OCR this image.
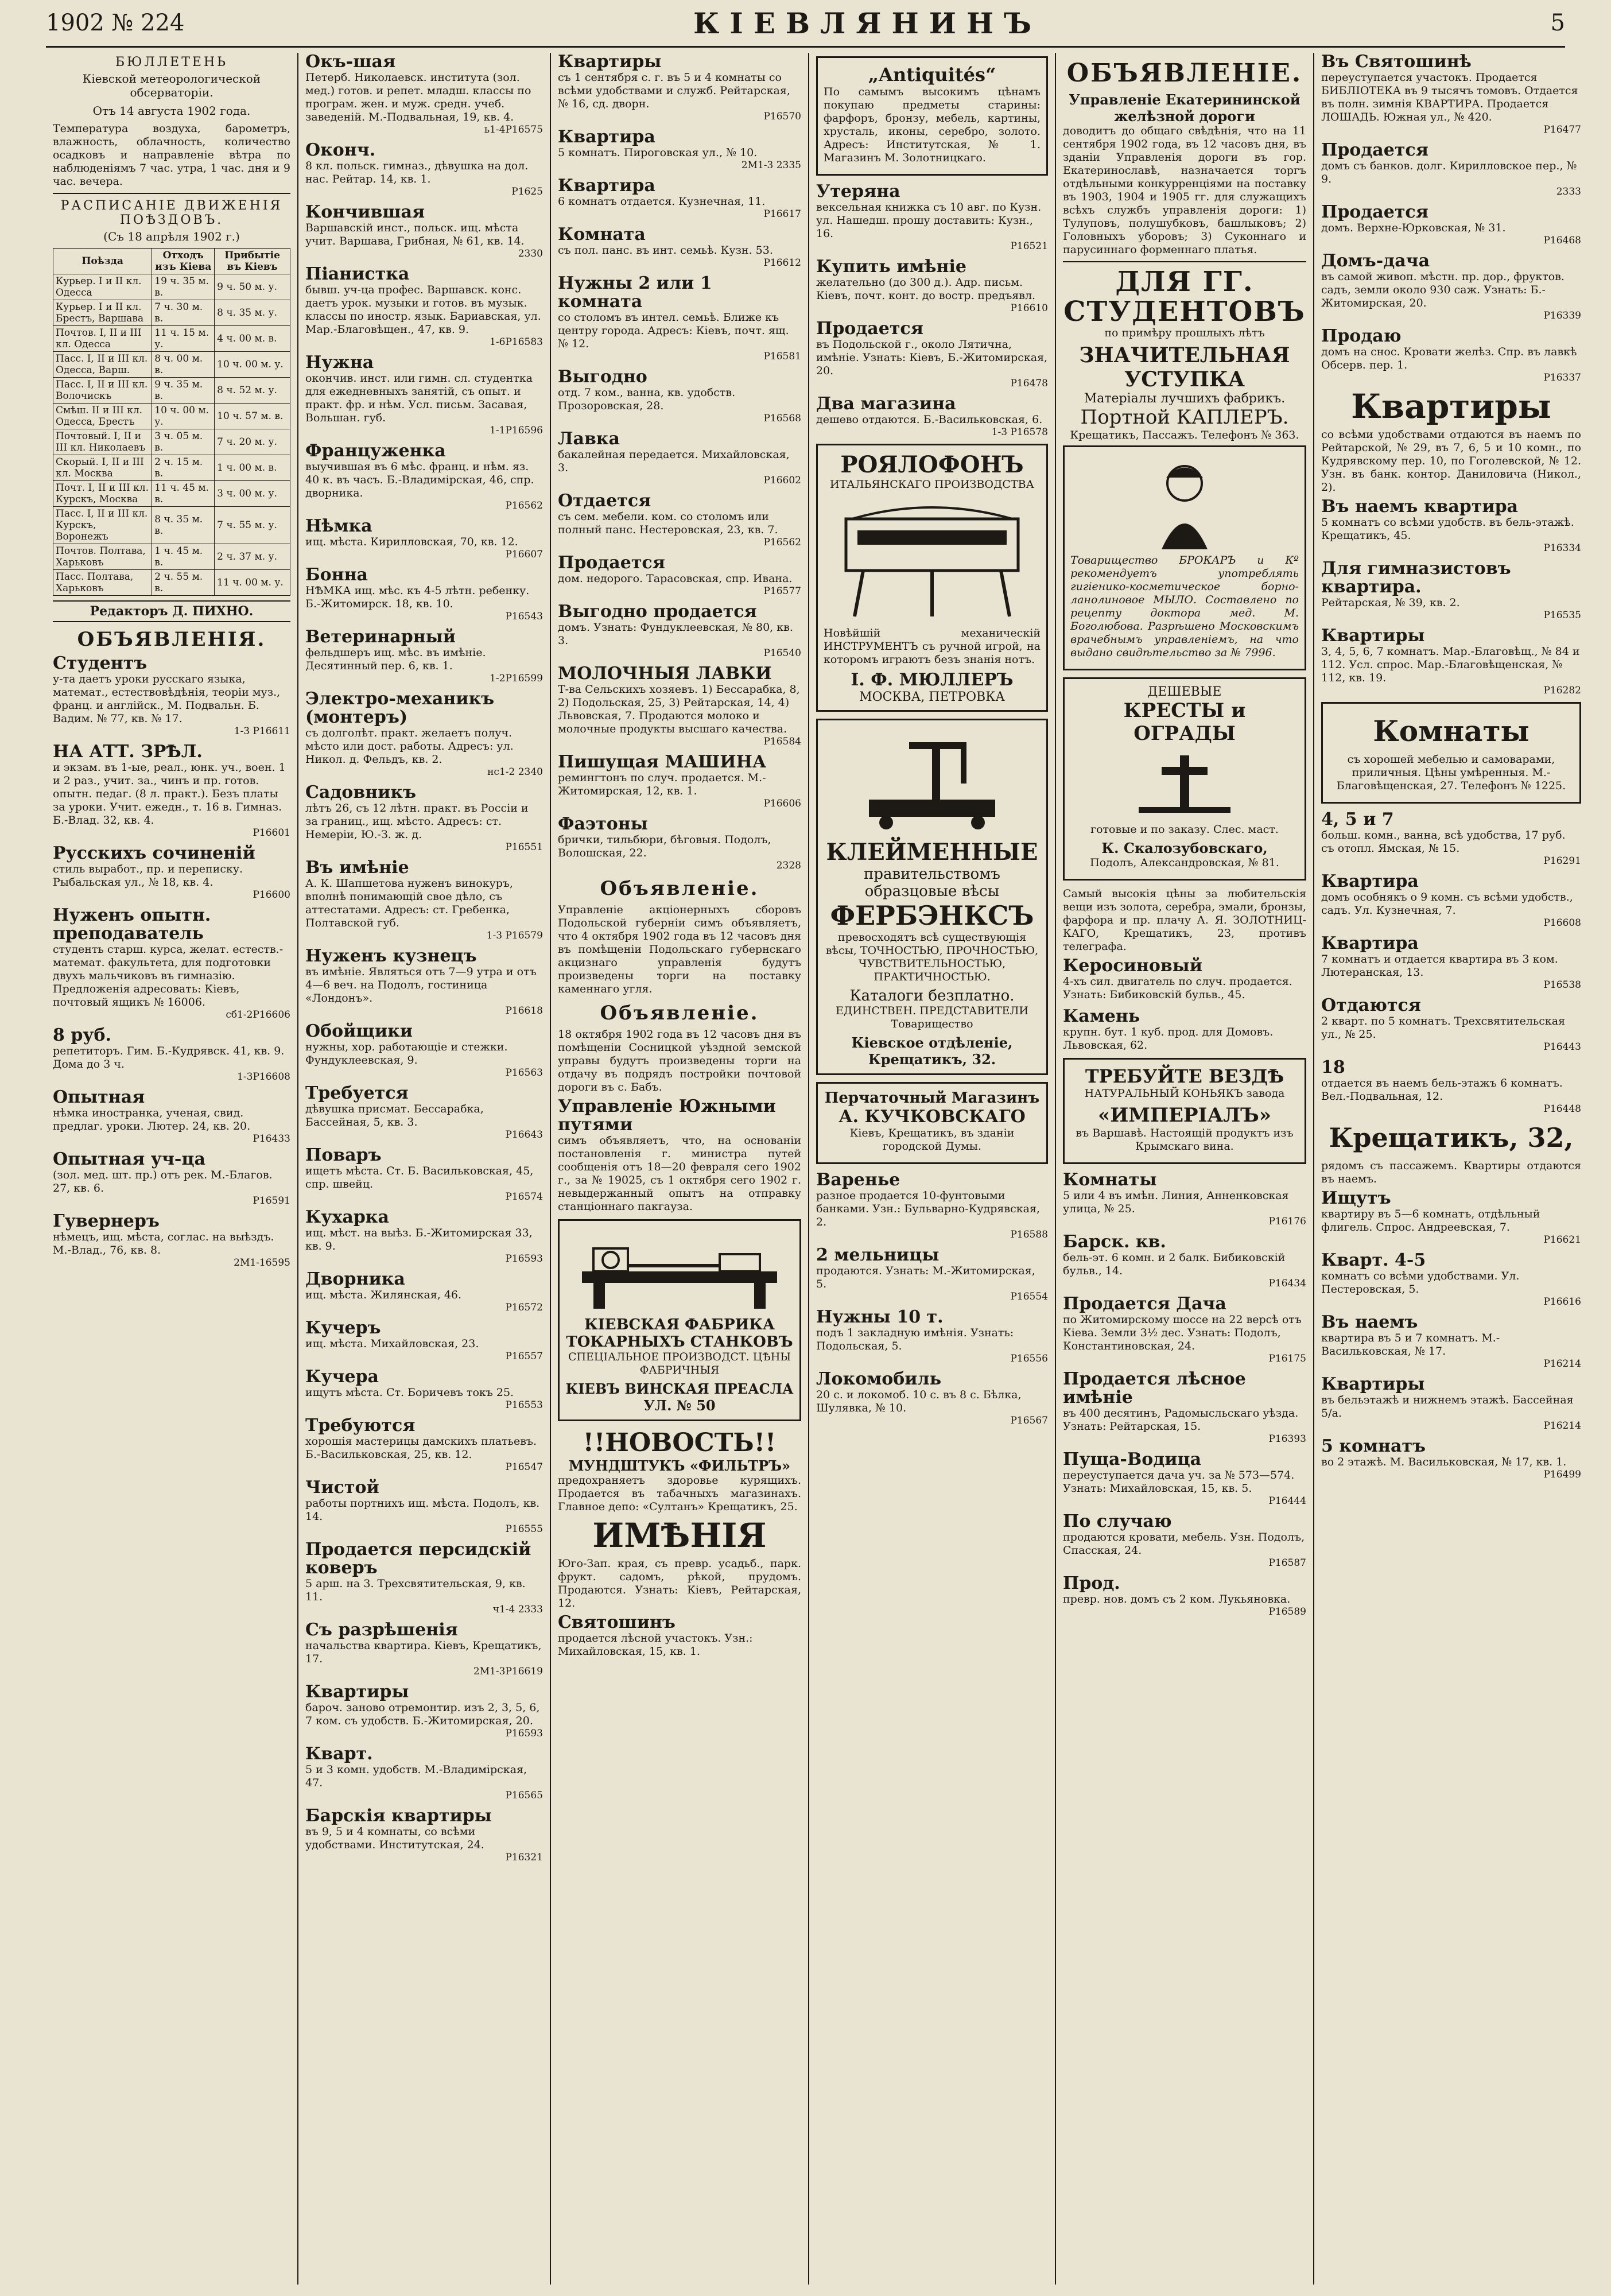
1902 № 224	КІЕВЛЯНИНЪ	5
БЮЛЛЕТЕНЬ
Кіевской метеорологической обсерваторіи.
Отъ 14 августа 1902 года.

Температура воздуха, барометръ, влажность, облачность, количество осадковъ и направленіе вѣтра по наблюденіямъ 7 час. утра, 1 час. дня и 9 час. вечера.

РАСПИСАНІЕ ДВИЖЕНІЯ ПОѢЗДОВЪ.
(Съ 18 апрѣля 1902 г.)
Поѣзда	Отходъ изъ Кіева	Прибытіе въ Кіевъ
Курьер. I и II кл. Одесса	19 ч. 35 м. в.	9 ч. 50 м. у.
Курьер. I и II кл. Брестъ, Варшава	7 ч. 30 м. в.	8 ч. 35 м. у.
Почтов. I, II и III кл. Одесса	11 ч. 15 м. у.	4 ч. 00 м. в.
Пасс. I, II и III кл. Одесса, Варш.	8 ч. 00 м. в.	10 ч. 00 м. у.
Пасс. I, II и III кл. Волочискъ	9 ч. 35 м. в.	8 ч. 52 м. у.
Смѣш. II и III кл. Одесса, Брестъ	10 ч. 00 м. у.	10 ч. 57 м. в.
Почтовый. I, II и III кл. Николаевъ	3 ч. 05 м. в.	7 ч. 20 м. у.
Скорый. I, II и III кл. Москва	2 ч. 15 м. в.	1 ч. 00 м. в.
Почт. I, II и III кл. Курскъ, Москва	11 ч. 45 м. в.	3 ч. 00 м. у.
Пасс. I, II и III кл. Курскъ, Воронежъ	8 ч. 35 м. в.	7 ч. 55 м. у.
Почтов. Полтава, Харьковъ	1 ч. 45 м. в.	2 ч. 37 м. у.
Пасс. Полтава, Харьковъ	2 ч. 55 м. в.	11 ч. 00 м. у.
Редакторъ Д. ПИХНО.
ОБЪЯВЛЕНІЯ.
Студентъ
у-та даетъ уроки русскаго языка, математ., естествовѣдѣнія, теоріи муз., франц. и англійск., М. Подвальн. Б. Вадим. № 77, кв. № 17.
1-3 Р16611
НА АТТ. ЗРѢЛ.
и экзам. въ 1-ые, реал., юнк. уч., воен. 1 и 2 раз., учит. за., чинъ и пр. готов. опытн. педаг. (8 л. практ.). Безъ платы за уроки. Учит. ежедн., т. 16 в. Гимназ. Б.-Влад. 32, кв. 4.
Р16601
Русскихъ сочиненій
стиль выработ., пр. и переписку. Рыбальская ул., № 18, кв. 4.
Р16600
Нуженъ опытн. преподаватель
студенть старш. курса, желат. естеств.-математ. факультета, для подготовки двухъ мальчиковъ въ гимназію. Предложенія адресовать: Кіевъ, почтовый ящикъ № 16006.
сб1-2Р16606
8 руб.
репетиторъ. Гим. Б.-Кудрявск. 41, кв. 9. Дома до 3 ч.
1-3Р16608
Опытная
нѣмка иностранка, ученая, свид. предлаг. уроки. Лютер. 24, кв. 20.
Р16433
Опытная уч-ца
(зол. мед. шт. пр.) отъ рек. М.-Благов. 27, кв. 6.
Р16591
Гувернеръ
нѣмецъ, ищ. мѣста, соглас. на выѣздъ. М.-Влад., 76, кв. 8.
2М1-16595
Окъ-шая
Петерб. Николаевск. института (зол. мед.) готов. и репет. младш. классы по програм. жен. и муж. средн. учеб. заведеній. М.-Подвальная, 19, кв. 4.
ь1-4Р16575
Оконч.
8 кл. польск. гимназ., дѣвушка на дол. нас. Рейтар. 14, кв. 1.
Р1625
Кончившая
Варшавскій инст., польск. ищ. мѣста учит. Варшава, Грибная, № 61, кв. 14.
2330
Піанистка
бывш. уч-ца профес. Варшавск. конс. даетъ урок. музыки и готов. въ музык. классы по иностр. язык. Бариавская, ул. Мар.-Благовѣщен., 47, кв. 9.
1-6Р16583
Нужна
окончив. инст. или гимн. сл. студентка для ежедневныхъ занятій, съ опыт. и практ. фр. и нѣм. Усл. письм. Засавая, Вольшан. губ.
1-1Р16596
Француженка
выучившая въ 6 мѣс. франц. и нѣм. яз. 40 к. въ часъ. Б.-Владимірская, 46, спр. дворника.
Р16562
Нѣмка
ищ. мѣста. Кирилловская, 70, кв. 12.
Р16607
Бонна
НѢМКА ищ. мѣс. къ 4-5 лѣтн. ребенку. Б.-Житомирск. 18, кв. 10.
Р16543
Ветеринарный
фельдшеръ ищ. мѣс. въ имѣніе. Десятинный пер. 6, кв. 1.
1-2Р16599
Электро-механикъ (монтеръ)
съ долголѣт. практ. желаетъ получ. мѣсто или дост. работы. Адресъ: ул. Никол. д. Фельдъ, кв. 2.
нс1-2 2340
Садовникъ
лѣтъ 26, съ 12 лѣтн. практ. въ Россіи и за границ., ищ. мѣсто. Адресъ: ст. Немеріи, Ю.-З. ж. д.
Р16551
Въ имѣніе
А. К. Шапшетова нуженъ винокуръ, вполнѣ понимающій свое дѣло, съ аттестатами. Адресъ: ст. Гребенка, Полтавской губ.
1-3 Р16579
Нуженъ кузнецъ
въ имѣніе. Являться отъ 7—9 утра и отъ 4—6 веч. на Подолъ, гостиница «Лондонъ».
Р16618
Обойщики
нужны, хор. работающіе и стежки. Фундуклеевская, 9.
Р16563
Требуется
дѣвушка присмат. Бессарабка, Бассейная, 5, кв. 3.
Р16643
Поваръ
ищетъ мѣста. Ст. Б. Васильковская, 45, спр. швейц.
Р16574
Кухарка
ищ. мѣст. на выѣз. Б.-Житомирская 33, кв. 9.
Р16593
Дворника
ищ. мѣста. Жилянская, 46.
Р16572
Кучеръ
ищ. мѣста. Михайловская, 23.
Р16557
Кучера
ищутъ мѣста. Ст. Боричевъ токъ 25.
Р16553
Требуются
хорошія мастерицы дамскихъ платьевъ. Б.-Васильковская, 25, кв. 12.
Р16547
Чистой
работы портнихъ ищ. мѣста. Подолъ, кв. 14.
Р16555
Продается персидскій коверъ
5 арш. на 3. Трехсвятительская, 9, кв. 11.
ч1-4 2333
Съ разрѣшенія
начальства квартира. Кіевъ, Крещатикъ, 17.
2М1-3Р16619
Квартиры
бароч. заново отремонтир. изъ 2, 3, 5, 6, 7 ком. съ удобств. Б.-Житомирская, 20.
Р16593
Кварт.
5 и 3 комн. удобств. М.-Владимірская, 47.
Р16565
Барскія квартиры
въ 9, 5 и 4 комнаты, со всѣми удобствами. Институтская, 24.
Р16321
Квартиры
съ 1 сентября с. г. въ 5 и 4 комнаты со всѣми удобствами и служб. Рейтарская, № 16, сд. дворн.
Р16570
Квартира
5 комнатъ. Пироговская ул., № 10.
2М1-3 2335
Квартира
6 комнатъ отдается. Кузнечная, 11.
Р16617
Комната
съ пол. панс. въ инт. семьѣ. Кузн. 53.
Р16612
Нужны 2 или 1 комната
со столомъ въ интел. семьѣ. Ближе къ центру города. Адресъ: Кіевъ, почт. ящ. № 12.
Р16581
Выгодно
отд. 7 ком., ванна, кв. удобств. Прозоровская, 28.
Р16568
Лавка
бакалейная передается. Михайловская, 3.
Р16602
Отдается
съ сем. мебели. ком. со столомъ или полный панс. Нестеровская, 23, кв. 7.
Р16562
Продается
дом. недорого. Тарасовская, спр. Ивана.
Р16577
Выгодно продается
домъ. Узнать: Фундуклеевская, № 80, кв. 3.
Р16540
МОЛОЧНЫЯ ЛАВКИ
Т-ва Сельскихъ хозяевъ. 1) Бессарабка, 8, 2) Подольская, 25, 3) Рейтарская, 14, 4) Львовская, 7. Продаются молоко и молочные продукты высшаго качества.
Р16584
Пишущая МАШИНА
ремингтонъ по случ. продается. М.-Житомирская, 12, кв. 1.
Р16606
Фаэтоны
брички, тильбюри, бѣговыя. Подолъ, Волошская, 22.
2328
Объявленіе.

Управленіе акціонерныхъ сборовъ Подольской губерніи симъ объявляетъ, что 4 октября 1902 года въ 12 часовъ дня въ помѣщеніи Подольскаго губернскаго акцизнаго управленія будутъ произведены торги на поставку каменнаго угля.

Объявленіе.

18 октября 1902 года въ 12 часовъ дня въ помѣщеніи Сосницкой уѣздной земской управы будутъ произведены торги на отдачу въ подрядъ постройки почтовой дороги въ с. Бабъ.

Управленіе Южными путями

симъ объявляетъ, что, на основаніи постановленія г. министра путей сообщенія отъ 18—20 февраля сего 1902 г., за № 19025, съ 1 октября сего 1902 г. невыдержанный опытъ на отправку станціоннаго пакгауза.

КІЕВСКАЯ ФАБРИКА ТОКАРНЫХЪ СТАНКОВЪ
СПЕЦІАЛЬНОЕ ПРОИЗВОДСТ. ЦѢНЫ ФАБРИЧНЫЯ
КІЕВЪ ВИНСКАЯ ПРЕАСЛА УЛ. № 50
!!НОВОСТЬ!!
МУНДШТУКЪ «ФИЛЬТРЪ»

предохраняетъ здоровье курящихъ. Продается въ табачныхъ магазинахъ. Главное депо: «Султанъ» Крещатикъ, 25.

ИМѢНІЯ

Юго-Зап. края, съ превр. усадьб., парк. фрукт. садомъ, рѣкой, прудомъ. Продаются. Узнать: Кіевъ, Рейтарская, 12.

Святошинъ
продается лѣсной участокъ. Узн.: Михайловская, 15, кв. 1.
„Antiquités“

По самымъ высокимъ цѣнамъ покупаю предметы старины: фарфоръ, бронзу, мебель, картины, хрусталь, иконы, серебро, золото. Адресъ: Институтская, № 1. Магазинъ М. Золотницкаго.

Утеряна
вексельная книжка съ 10 авг. по Кузн. ул. Нашедш. прошу доставить: Кузн., 16.
Р16521
Купить имѣніе
желательно (до 300 д.). Адр. письм. Кіевъ, почт. конт. до востр. предъявл.
Р16610
Продается
въ Подольской г., около Лятична, имѣніе. Узнать: Кіевъ, Б.-Житомирская, 20.
Р16478
Два магазина
дешево отдаются. Б.-Васильковская, 6.
1-3 Р16578
РОЯЛОФОНЪ
ИТАЛЬЯНСКАГО ПРОИЗВОДСТВА

Новѣйшій механическій ИНСТРУМЕНТЪ съ ручной игрой, на которомъ играютъ безъ знанія нотъ.

І. Ф. МЮЛЛЕРЪ
МОСКВА, ПЕТРОВКА
КЛЕЙМЕННЫЕ
правительствомъ образцовые вѣсы
ФЕРБЭНКСЪ

превосходятъ всѣ существующія вѣсы, ТОЧНОСТЬЮ, ПРОЧНОСТЬЮ, ЧУВСТВИТЕЛЬНОСТЬЮ, ПРАКТИЧНОСТЬЮ.

Каталоги безплатно.
ЕДИНСТВЕН. ПРЕДСТАВИТЕЛИ Товарищество
Кіевское отдѣленіе, Крещатикъ, 32.
Перчаточный Магазинъ
А. КУЧКОВСКАГО

Кіевъ, Крещатикъ, въ зданіи городской Думы.

Варенье
разное продается 10-фунтовыми банками. Узн.: Бульварно-Кудрявская, 2.
Р16588
2 мельницы
продаются. Узнать: М.-Житомирская, 5.
Р16554
Нужны 10 т.
подъ 1 закладную имѣнія. Узнать: Подольская, 5.
Р16556
Локомобиль
20 с. и локомоб. 10 с. въ 8 с. Бѣлка, Шулявка, № 10.
Р16567
ОБЪЯВЛЕНІЕ.
Управленіе Екатерининской желѣзной дороги

доводитъ до общаго свѣдѣнія, что на 11 сентября 1902 года, въ 12 часовъ дня, въ зданіи Управленія дороги въ гор. Екатеринославѣ, назначается торгъ отдѣльными конкурренціями на поставку въ 1903, 1904 и 1905 гг. для служащихъ всѣхъ службъ управленія дороги: 1) Тулуповъ, полушубковъ, башлыковъ; 2) Головныхъ уборовъ; 3) Суконнаго и парусиннаго форменнаго платья.

ДЛЯ ГГ. СТУДЕНТОВЪ
по примѣру прошлыхъ лѣтъ
ЗНАЧИТЕЛЬНАЯ УСТУПКА
Матеріалы лучшихъ фабрикъ.
Портной КАПЛЕРЪ.
Крещатикъ, Пассажъ. Телефонъ № 363.

Товарищество БРОКАРЪ и Кº рекомендуетъ употреблять гигіенико-косметическое борно-ланолиновое МЫЛО. Составлено по рецепту доктора мед. М. Боголюбова. Разрѣшено Московскимъ врачебнымъ управленіемъ, на что выдано свидѣтельство за № 7996.

ДЕШЕВЫЕ
КРЕСТЫ и ОГРАДЫ
готовые и по заказу. Слес. маст.
К. Скалозубовскаго,
Подолъ, Александровская, № 81.

Самый высокія цѣны за любительскія вещи изъ золота, серебра, эмали, бронзы, фарфора и пр. плачу А. Я. ЗОЛОТНИЦ-КАГО, Крещатикъ, 23, противъ телеграфа.

Керосиновый
4-хъ сил. двигатель по случ. продается. Узнать: Бибиковскій бульв., 45.
Камень
крупн. бут. 1 куб. прод. для Домовъ. Львовская, 62.
ТРЕБУЙТЕ ВЕЗДѢ
НАТУРАЛЬНЫЙ КОНЬЯКЪ завода
«ИМПЕРІАЛЪ»

въ Варшавѣ. Настоящій продуктъ изъ Крымскаго вина.

Комнаты
5 или 4 въ имѣн. Линия, Анненковская улица, № 25.
Р16176
Барск. кв.
бель-эт. 6 комн. и 2 балк. Бибиковскій бульв., 14.
Р16434
Продается Дача
по Житомирскому шоссе на 22 версѣ отъ Кіева. Земли 3½ дес. Узнать: Подолъ, Константиновская, 24.
Р16175
Продается лѣсное имѣніе
въ 400 десятинъ, Радомысльскаго уѣзда. Узнать: Рейтарская, 15.
Р16393
Пуща-Водица
переуступается дача уч. за № 573—574. Узнать: Михайловская, 15, кв. 5.
Р16444
По случаю
продаются кровати, мебель. Узн. Подолъ, Спасская, 24.
Р16587
Прод.
превр. нов. домъ съ 2 ком. Лукьяновка.
Р16589
Въ Святошинѣ
переуступается участокъ. Продается БИБЛІОТЕКА въ 9 тысячъ томовъ. Отдается въ полн. зимнія КВАРТИРА. Продается ЛОШАДЬ. Южная ул., № 420.
Р16477
Продается
домъ съ банков. долг. Кирилловское пер., № 9.
2333
Продается
домъ. Верхне-Юрковская, № 31.
Р16468
Домъ-дача
въ самой живоп. мѣстн. пр. дор., фруктов. садъ, земли около 930 саж. Узнать: Б.-Житомирская, 20.
Р16339
Продаю
домъ на снос. Кровати желѣз. Спр. въ лавкѣ Обсерв. пер. 1.
Р16337
Квартиры

со всѣми удобствами отдаются въ наемъ по Рейтарской, № 29, въ 7, 6, 5 и 10 комн., по Кудрявскому пер. 10, по Гоголевской, № 12. Узн. въ банк. контор. Даниловича (Никол., 2).

Въ наемъ квартира
5 комнатъ со всѣми удобств. въ бель-этажѣ. Крещатикъ, 45.
Р16334
Для гимназистовъ квартира.
Рейтарская, № 39, кв. 2.
Р16535
Квартиры
3, 4, 5, 6, 7 комнатъ. Мар.-Благовѣщ., № 84 и 112. Усл. спрос. Мар.-Благовѣщенская, № 112, кв. 19.
Р16282
Комнаты

съ хорошей мебелью и самоварами, приличныя. Цѣны умѣренныя. М.-Благовѣщенская, 27. Телефонъ № 1225.

4, 5 и 7
больш. комн., ванна, всѣ удобства, 17 руб. съ отопл. Ямская, № 15.
Р16291
Квартира
домъ особнякъ о 9 комн. съ всѣми удобств., садъ. Ул. Кузнечная, 7.
Р16608
Квартира
7 комнатъ и отдается квартира въ 3 ком. Лютеранская, 13.
Р16538
Отдаются
2 кварт. по 5 комнатъ. Трехсвятительская ул., № 25.
Р16443
18
отдается въ наемъ бель-этажъ 6 комнатъ. Вел.-Подвальная, 12.
Р16448
Крещатикъ, 32,

рядомъ съ пассажемъ. Квартиры отдаются въ наемъ.

Ищутъ
квартиру въ 5—6 комнатъ, отдѣльный флигель. Спрос. Андреевская, 7.
Р16621
Кварт. 4-5
комнатъ со всѣми удобствами. Ул. Пестеровская, 5.
Р16616
Въ наемъ
квартира въ 5 и 7 комнатъ. М.-Васильковская, № 17.
Р16214
Квартиры
въ бельэтажѣ и нижнемъ этажѣ. Бассейная 5/а.
Р16214
5 комнатъ
во 2 этажѣ. М. Васильковская, № 17, кв. 1.
Р16499
